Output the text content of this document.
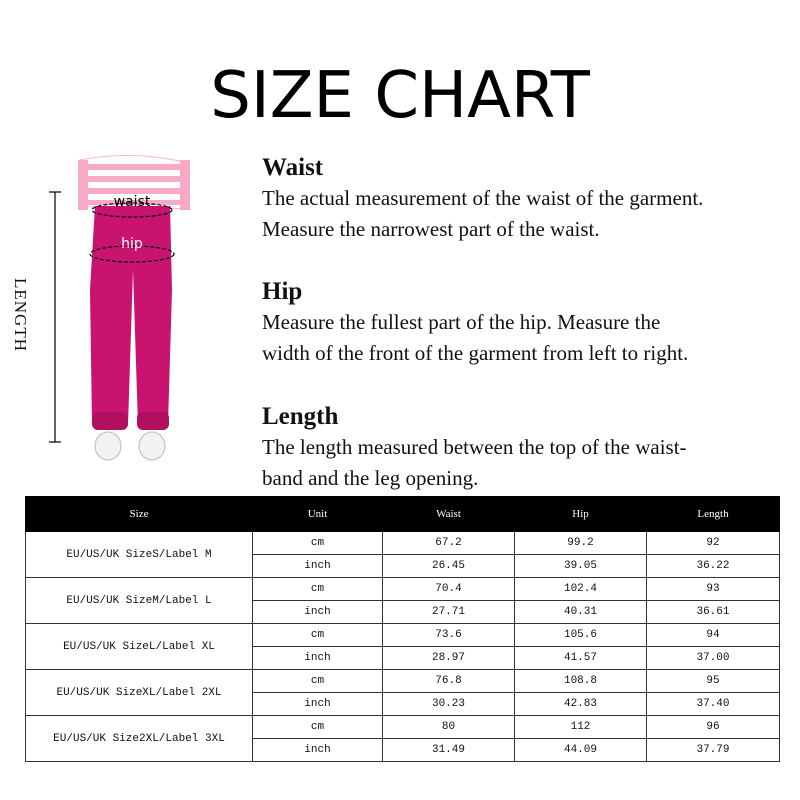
SIZE CHART
waist
hip
LENGTH
Waist

The actual measurement of the waist of the garment.

Measure the narrowest part of the waist.

Hip

Measure the fullest part of the hip. Measure the

width of the front of the garment from left to right.

Length

The length measured between the top of the waist-

band and the leg opening.

Size	Unit	Waist	Hip	Length
EU/US/UK SizeS/Label M	cm	67.2	99.2	92
	inch	26.45	39.05	36.22
EU/US/UK SizeM/Label L	cm	70.4	102.4	93
	inch	27.71	40.31	36.61
EU/US/UK SizeL/Label XL	cm	73.6	105.6	94
	inch	28.97	41.57	37.00
EU/US/UK SizeXL/Label 2XL	cm	76.8	108.8	95
	inch	30.23	42.83	37.40
EU/US/UK Size2XL/Label 3XL	cm	80	112	96
	inch	31.49	44.09	37.79
